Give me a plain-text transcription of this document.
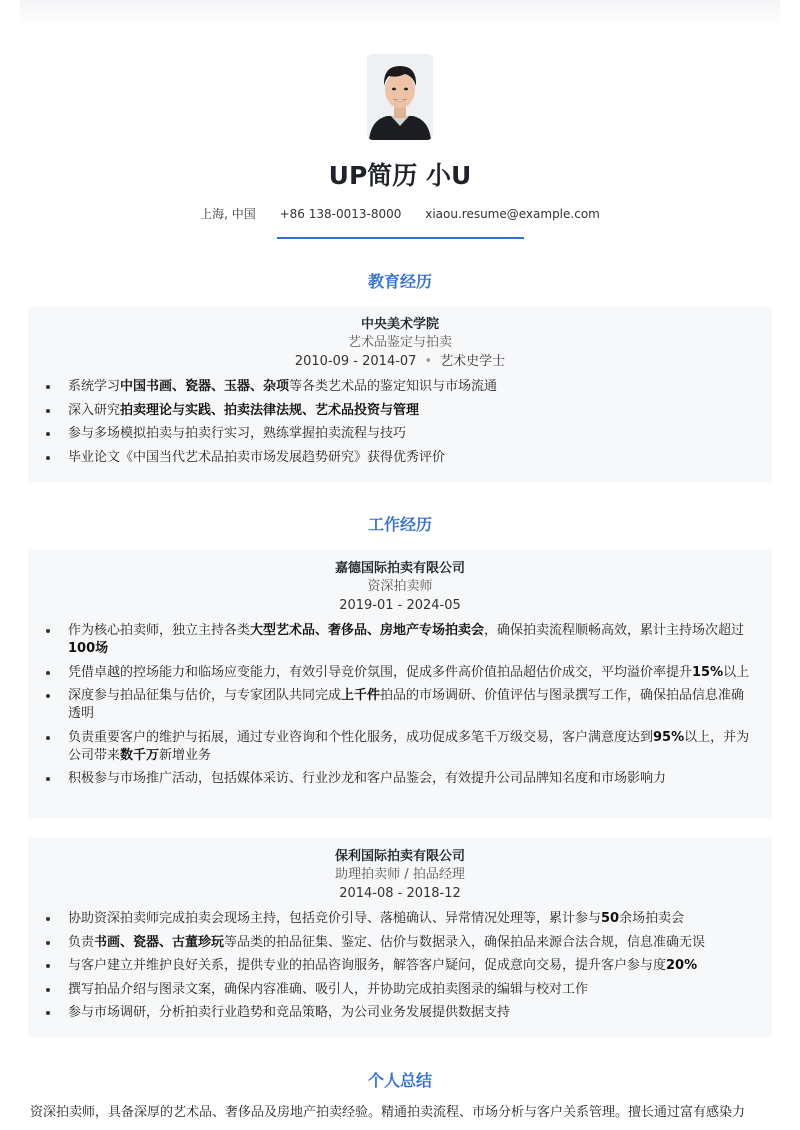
UP简历 小U
上海, 中国 +86 138-0013-8000 xiaou.resume@example.com
教育经历
中央美术学院
艺术品鉴定与拍卖
2010-09 - 2014-07 • 艺术史学士
系统学习中国书画、瓷器、玉器、杂项等各类艺术品的鉴定知识与市场流通
深入研究拍卖理论与实践、拍卖法律法规、艺术品投资与管理
参与多场模拟拍卖与拍卖行实习，熟练掌握拍卖流程与技巧
毕业论文《中国当代艺术品拍卖市场发展趋势研究》获得优秀评价
工作经历
嘉德国际拍卖有限公司
资深拍卖师
2019-01 - 2024-05
作为核心拍卖师，独立主持各类大型艺术品、奢侈品、房地产专场拍卖会，确保拍卖流程顺畅高效，累计主持场次超过100场
凭借卓越的控场能力和临场应变能力，有效引导竞价氛围，促成多件高价值拍品超估价成交，平均溢价率提升15%以上
深度参与拍品征集与估价，与专家团队共同完成上千件拍品的市场调研、价值评估与图录撰写工作，确保拍品信息准确透明
负责重要客户的维护与拓展，通过专业咨询和个性化服务，成功促成多笔千万级交易，客户满意度达到95%以上，并为公司带来数千万新增业务
积极参与市场推广活动，包括媒体采访、行业沙龙和客户品鉴会，有效提升公司品牌知名度和市场影响力
保利国际拍卖有限公司
助理拍卖师 / 拍品经理
2014-08 - 2018-12
协助资深拍卖师完成拍卖会现场主持，包括竞价引导、落槌确认、异常情况处理等，累计参与50余场拍卖会
负责书画、瓷器、古董珍玩等品类的拍品征集、鉴定、估价与数据录入，确保拍品来源合法合规，信息准确无误
与客户建立并维护良好关系，提供专业的拍品咨询服务，解答客户疑问，促成意向交易，提升客户参与度20%
撰写拍品介绍与图录文案，确保内容准确、吸引人，并协助完成拍卖图录的编辑与校对工作
参与市场调研，分析拍卖行业趋势和竞品策略，为公司业务发展提供数据支持
个人总结
资深拍卖师，具备深厚的艺术品、奢侈品及房地产拍卖经验。精通拍卖流程、市场分析与客户关系管理。擅长通过富有感染力
